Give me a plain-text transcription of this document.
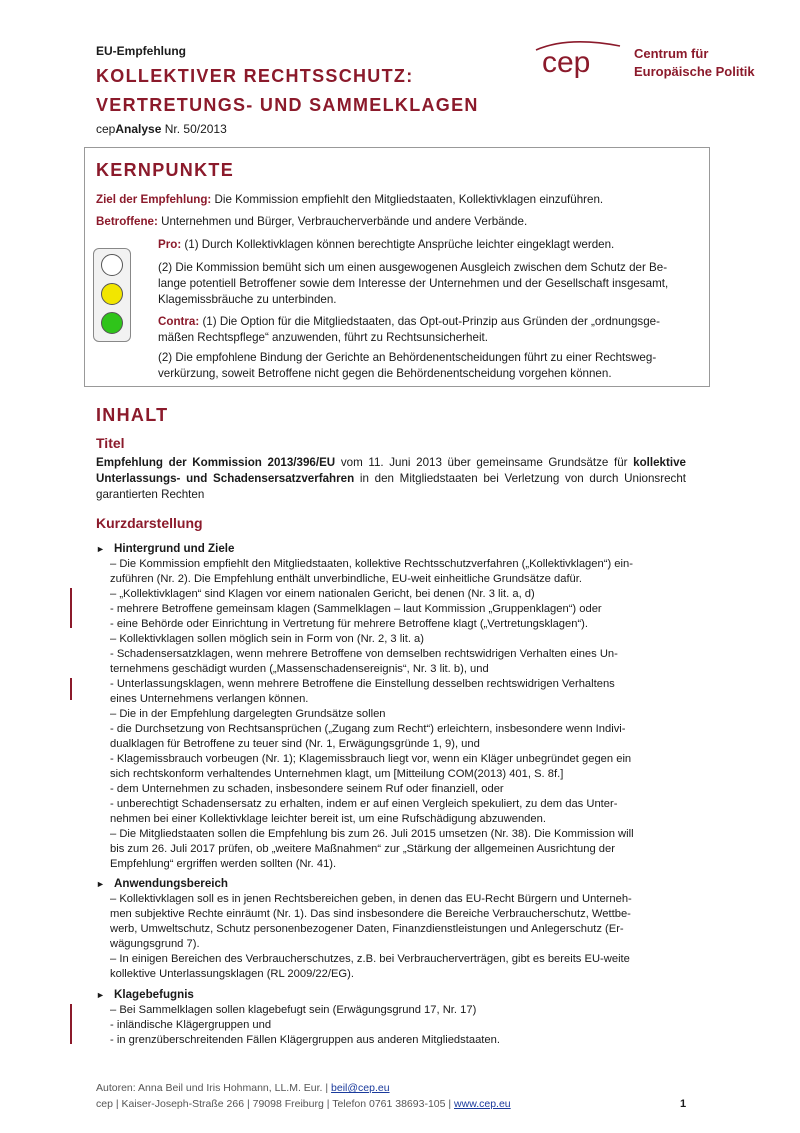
EU-Empfehlung
KOLLEKTIVER RECHTSSCHUTZ:
VERTRETUNGS- UND SAMMELKLAGEN
cepAnalyse Nr. 50/2013
cep	Centrum für
Europäische Politik
KERNPUNKTE
Ziel der Empfehlung: Die Kommission empfiehlt den Mitgliedstaaten, Kollektivklagen einzuführen.
Betroffene: Unternehmen und Bürger, Verbraucherverbände und andere Verbände.
Pro: (1) Durch Kollektivklagen können berechtigte Ansprüche leichter eingeklagt werden.
(2) Die Kommission bemüht sich um einen ausgewogenen Ausgleich zwischen dem Schutz der Be-
lange potentiell Betroffener sowie dem Interesse der Unternehmen und der Gesellschaft insgesamt,
Klagemissbräuche zu unterbinden.
Contra: (1) Die Option für die Mitgliedstaaten, das Opt-out-Prinzip aus Gründen der „ordnungsge-
mäßen Rechtspflege“ anzuwenden, führt zu Rechtsunsicherheit.
(2) Die empfohlene Bindung der Gerichte an Behördenentscheidungen führt zu einer Rechtsweg-
verkürzung, soweit Betroffene nicht gegen die Behördenentscheidung vorgehen können.
INHALT
Titel
Empfehlung der Kommission 2013/396/EU vom 11. Juni 2013 über gemeinsame Grundsätze für kollektive Unterlassungs- und Schadensersatzverfahren in den Mitgliedstaaten bei Verletzung von durch Unionsrecht garantierten Rechten
Kurzdarstellung
► Hintergrund und Ziele
– Die Kommission empfiehlt den Mitgliedstaaten, kollektive Rechtsschutzverfahren („Kollektivklagen“) ein-
zuführen (Nr. 2). Die Empfehlung enthält unverbindliche, EU-weit einheitliche Grundsätze dafür.
– „Kollektivklagen“ sind Klagen vor einem nationalen Gericht, bei denen (Nr. 3 lit. a, d)
- mehrere Betroffene gemeinsam klagen (Sammelklagen – laut Kommission „Gruppenklagen“) oder
- eine Behörde oder Einrichtung in Vertretung für mehrere Betroffene klagt („Vertretungsklagen“).
– Kollektivklagen sollen möglich sein in Form von (Nr. 2, 3 lit. a)
- Schadensersatzklagen, wenn mehrere Betroffene von demselben rechtswidrigen Verhalten eines Un-
ternehmens geschädigt wurden („Massenschadensereignis“, Nr. 3 lit. b), und
- Unterlassungsklagen, wenn mehrere Betroffene die Einstellung desselben rechtswidrigen Verhaltens
eines Unternehmens verlangen können.
– Die in der Empfehlung dargelegten Grundsätze sollen
- die Durchsetzung von Rechtsansprüchen („Zugang zum Recht“) erleichtern, insbesondere wenn Indivi-
dualklagen für Betroffene zu teuer sind (Nr. 1, Erwägungsgründe 1, 9), und
- Klagemissbrauch vorbeugen (Nr. 1); Klagemissbrauch liegt vor, wenn ein Kläger unbegründet gegen ein
sich rechtskonform verhaltendes Unternehmen klagt, um [Mitteilung COM(2013) 401, S. 8f.]
- dem Unternehmen zu schaden, insbesondere seinem Ruf oder finanziell, oder
- unberechtigt Schadensersatz zu erhalten, indem er auf einen Vergleich spekuliert, zu dem das Unter-
nehmen bei einer Kollektivklage leichter bereit ist, um eine Rufschädigung abzuwenden.
– Die Mitgliedstaaten sollen die Empfehlung bis zum 26. Juli 2015 umsetzen (Nr. 38). Die Kommission will
bis zum 26. Juli 2017 prüfen, ob „weitere Maßnahmen“ zur „Stärkung der allgemeinen Ausrichtung der
Empfehlung“ ergriffen werden sollten (Nr. 41).
► Anwendungsbereich
– Kollektivklagen soll es in jenen Rechtsbereichen geben, in denen das EU-Recht Bürgern und Unterneh-
men subjektive Rechte einräumt (Nr. 1). Das sind insbesondere die Bereiche Verbraucherschutz, Wettbe-
werb, Umweltschutz, Schutz personenbezogener Daten, Finanzdienstleistungen und Anlegerschutz (Er-
wägungsgrund 7).
– In einigen Bereichen des Verbraucherschutzes, z.B. bei Verbraucherverträgen, gibt es bereits EU-weite
kollektive Unterlassungsklagen (RL 2009/22/EG).
► Klagebefugnis
– Bei Sammelklagen sollen klagebefugt sein (Erwägungsgrund 17, Nr. 17)
- inländische Klägergruppen und
- in grenzüberschreitenden Fällen Klägergruppen aus anderen Mitgliedstaaten.
Autoren: Anna Beil und Iris Hohmann, LL.M. Eur. | beil@cep.eu
cep | Kaiser-Joseph-Straße 266 | 79098 Freiburg | Telefon 0761 38693-105 | www.cep.eu	1
